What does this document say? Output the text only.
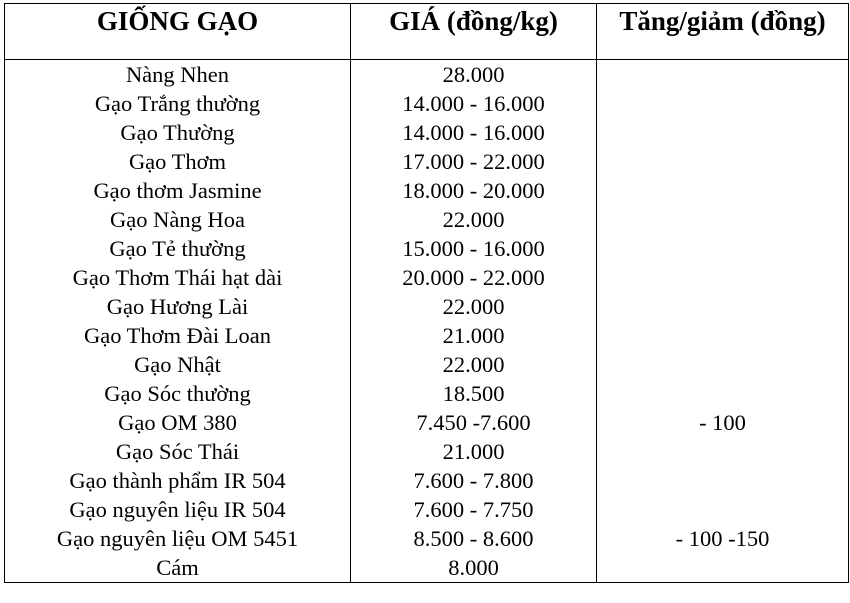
GIỐNG GẠO	GIÁ (đồng/kg)	Tăng/giảm (đồng)
Nàng Nhen	28.000	
Gạo Trắng thường	14.000 - 16.000	
Gạo Thường	14.000 - 16.000	
Gạo Thơm	17.000 - 22.000	
Gạo thơm Jasmine	18.000 - 20.000	
Gạo Nàng Hoa	22.000	
Gạo Tẻ thường	15.000 - 16.000	
Gạo Thơm Thái hạt dài	20.000 - 22.000	
Gạo Hương Lài	22.000	
Gạo Thơm Đài Loan	21.000	
Gạo Nhật	22.000	
Gạo Sóc thường	18.500	
Gạo OM 380	7.450 -7.600	- 100
Gạo Sóc Thái	21.000	
Gạo thành phẩm IR 504	7.600 - 7.800	
Gạo nguyên liệu IR 504	7.600 - 7.750	
Gạo nguyên liệu OM 5451	8.500 - 8.600	- 100 -150
Cám	8.000	
